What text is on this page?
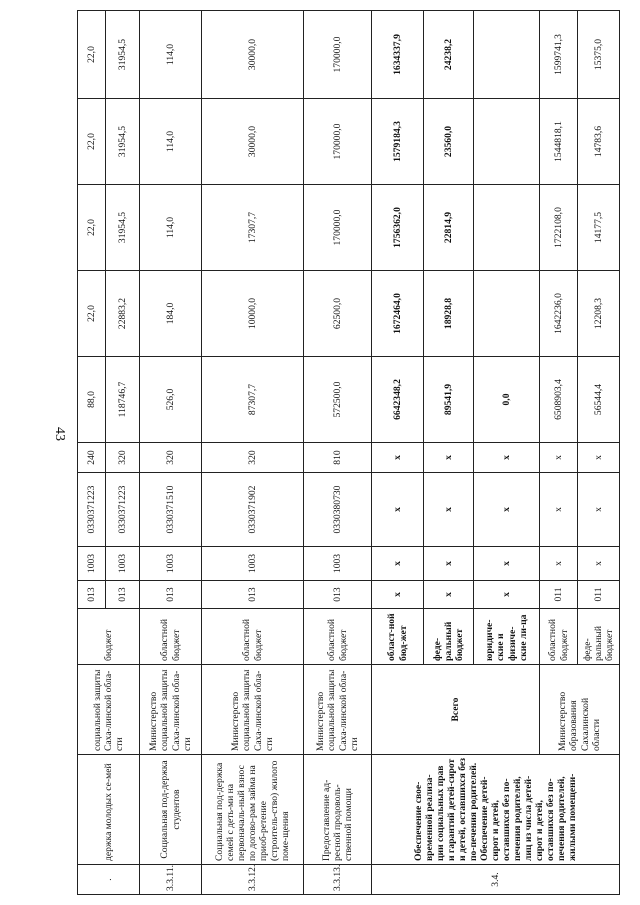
43
.	держка молодых се-мей	социальной защиты Саха-линской обла-сти	бюджет	013	1003	0330371223	240	88,0	22,0	22,0	22,0	22,0
				013	1003	0330371223	320	118746,7	22883,2	31954,5	31954,5	31954,5
3.3.11.	Социальная под-держка студентов	Министерство социальной защиты Саха-линской обла-сти	областной бюджет	013	1003	0330371510	320	526,0	184,0	114,0	114,0	114,0
3.3.12.	Социальная под-держка семей с деть-ми на первоначаль-ный взнос по догово-рам займа на приоб-ретение (строитель-ство) жилого поме-щения	Министерство социальной защиты Саха-линской обла-сти	областной бюджет	013	1003	0330371902	320	87307,7	10000,0	17307,7	30000,0	30000,0
3.3.13.	Предоставление ад-ресной продоволь-ственной помощи	Министерство социальной защиты Саха-линской обла-сти	областной бюджет	013	1003	0330380730	810	572500,0	62500,0	170000,0	170000,0	170000,0
3.4.	Обеспечение свое-временной реализа-ции социальных прав и гарантий детей-сирот и детей, оставшихся без по-печения родителей. Обеспечение детей-сирот и детей, оставшихся без по-печения родителей, лиц из числа детей-сирот и детей, оставшихся без по-печения родителей, жилыми помещени-	Всего	област-ной бюд-жет	x	x	x	x	6642348,2	1672464,0	1756362,0	1579184,3	1634337,9
			феде-ральный бюджет	x	x	x	x	89541,9	18928,8	22814,9	23560,0	24238,2
			юридиче-ские и физиче-ские ли-ца	x	x	x	x	0,0				
		Министерство образования Сахалинской области	областной бюджет	011	x	x	x	6508903,4	1642236,0	1722108,0	1544818,1	1599741,3
			феде-ральный бюджет	011	x	x	x	56544,4	12208,3	14177,5	14783,6	15375,0
